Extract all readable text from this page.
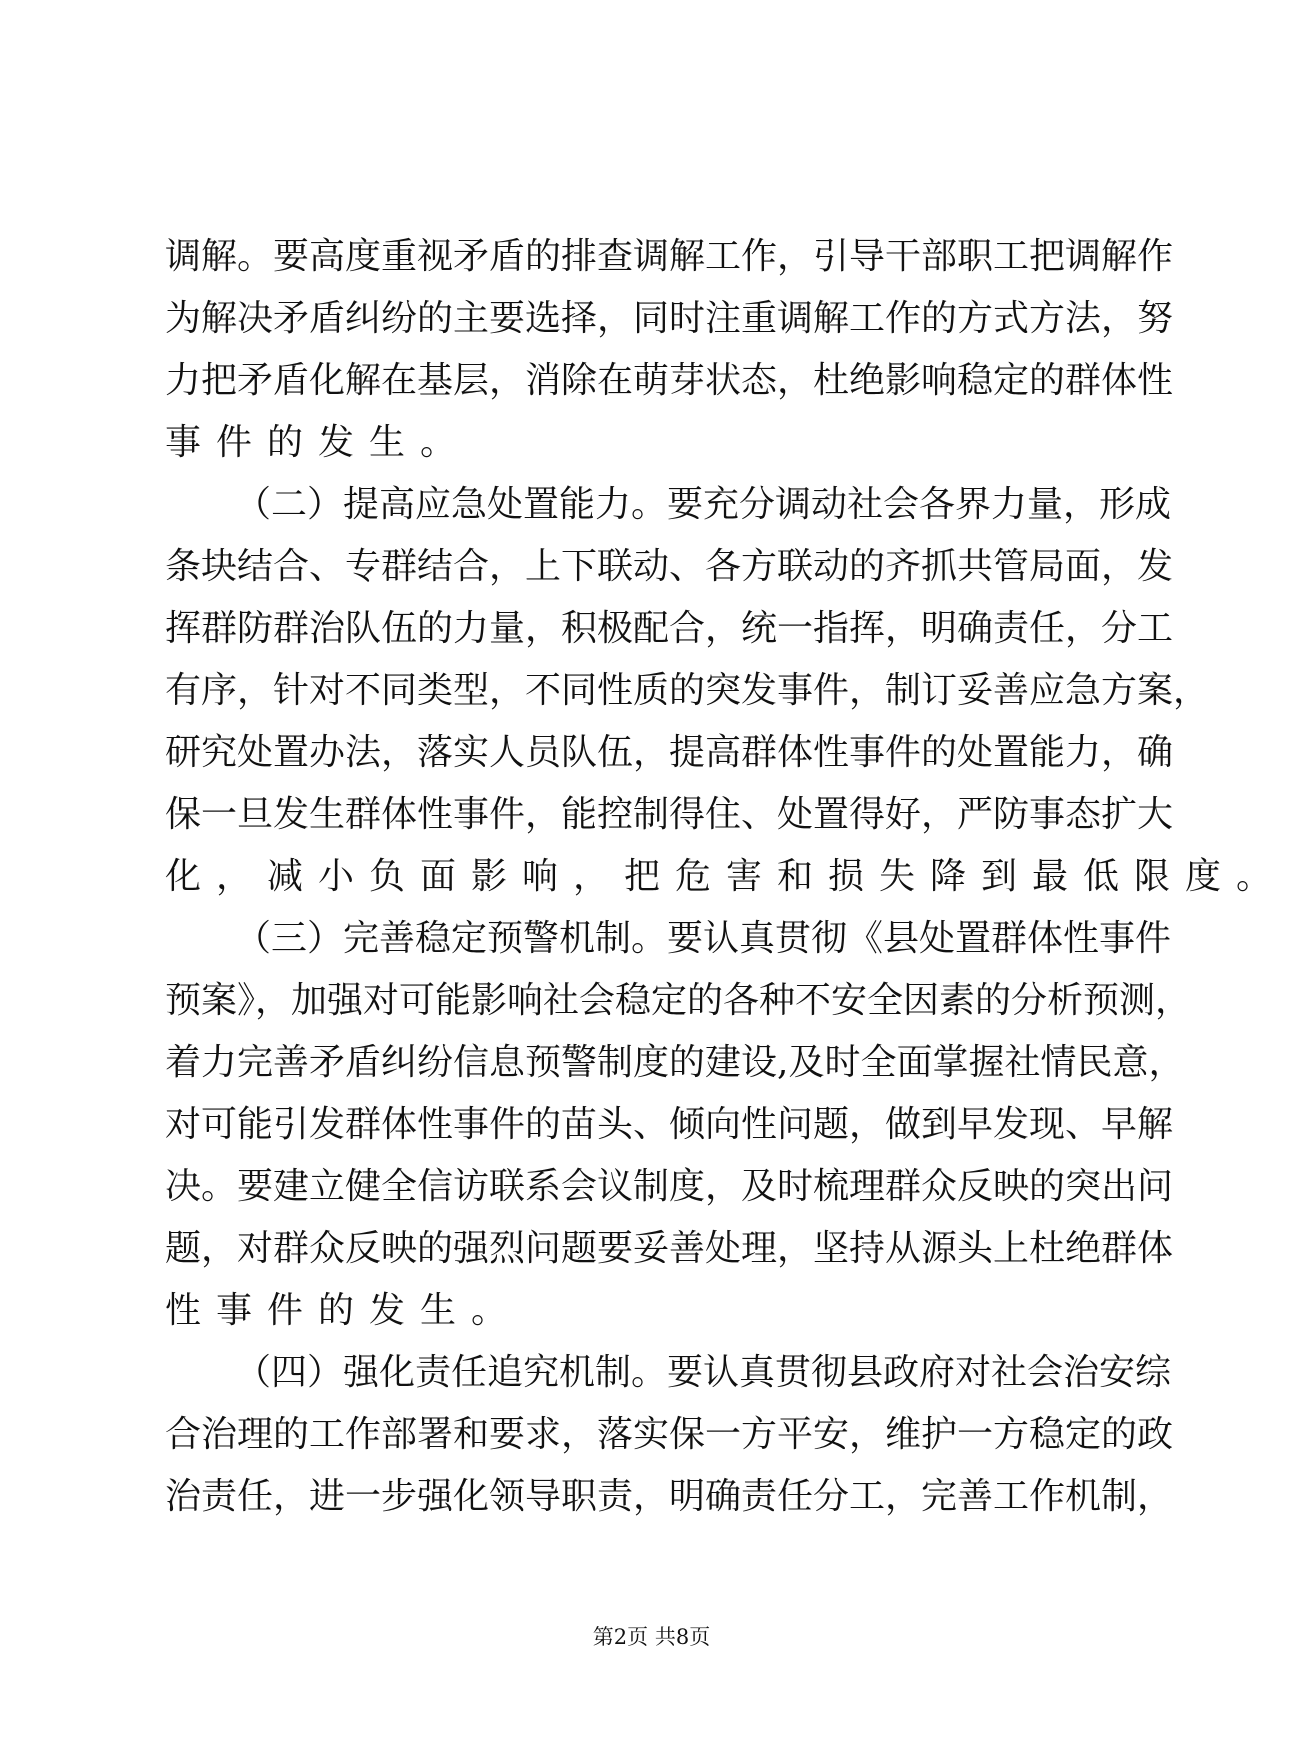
调解。要高度重视矛盾的排查调解工作，引导干部职工把调解作
为解决矛盾纠纷的主要选择，同时注重调解工作的方式方法，努
力把矛盾化解在基层，消除在萌芽状态，杜绝影响稳定的群体性
事件的发生。
（二）提高应急处置能力。要充分调动社会各界力量，形成
条块结合、专群结合，上下联动、各方联动的齐抓共管局面，发
挥群防群治队伍的力量，积极配合，统一指挥，明确责任，分工
有序，针对不同类型，不同性质的突发事件，制订妥善应急方案，
研究处置办法，落实人员队伍，提高群体性事件的处置能力，确
保一旦发生群体性事件，能控制得住、处置得好，严防事态扩大
化，减小负面影响，把危害和损失降到最低限度。
（三）完善稳定预警机制。要认真贯彻《县处置群体性事件
预案》，加强对可能影响社会稳定的各种不安全因素的分析预测，
着力完善矛盾纠纷信息预警制度的建设,及时全面掌握社情民意，
对可能引发群体性事件的苗头、倾向性问题，做到早发现、早解
决。要建立健全信访联系会议制度，及时梳理群众反映的突出问
题，对群众反映的强烈问题要妥善处理，坚持从源头上杜绝群体
性事件的发生。
（四）强化责任追究机制。要认真贯彻县政府对社会治安综
合治理的工作部署和要求，落实保一方平安，维护一方稳定的政
治责任，进一步强化领导职责，明确责任分工，完善工作机制，
第2页 共8页
